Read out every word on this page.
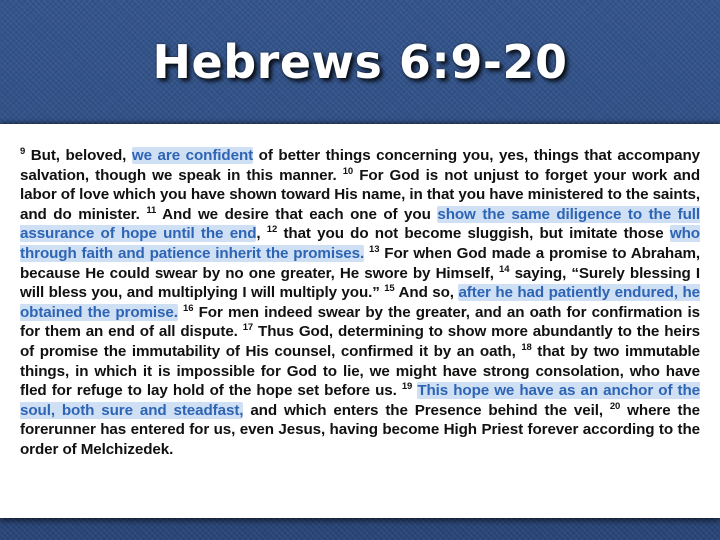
Hebrews 6:9-20

$^9$ But, beloved, we are confident of better things concerning you, yes, things that accompany salvation, though we speak in this manner. $^{10}$ For God is not unjust to forget your work and labor of love which you have shown toward His name, in that you have ministered to the saints, and do minister. $^{11}$ And we desire that each one of you show the same diligence to the full assurance of hope until the end, $^{12}$ that you do not become sluggish, but imitate those who through faith and patience inherit the promises. $^{13}$ For when God made a promise to Abraham, because He could swear by no one greater, He swore by Himself, $^{14}$ saying, “Surely blessing I will bless you, and multiplying I will multiply you.” $^{15}$ And so, after he had patiently endured, he obtained the promise. $^{16}$ For men indeed swear by the greater, and an oath for confirmation is for them an end of all dispute. $^{17}$ Thus God, determining to show more abundantly to the heirs of promise the immutability of His counsel, confirmed it by an oath, $^{18}$ that by two immutable things, in which it is impossible for God to lie, we might have strong consolation, who have fled for refuge to lay hold of the hope set before us. $^{19}$ This hope we have as an anchor of the soul, both sure and steadfast, and which enters the Presence behind the veil, $^{20}$ where the forerunner has entered for us, even Jesus, having become High Priest forever according to the order of Melchizedek.
